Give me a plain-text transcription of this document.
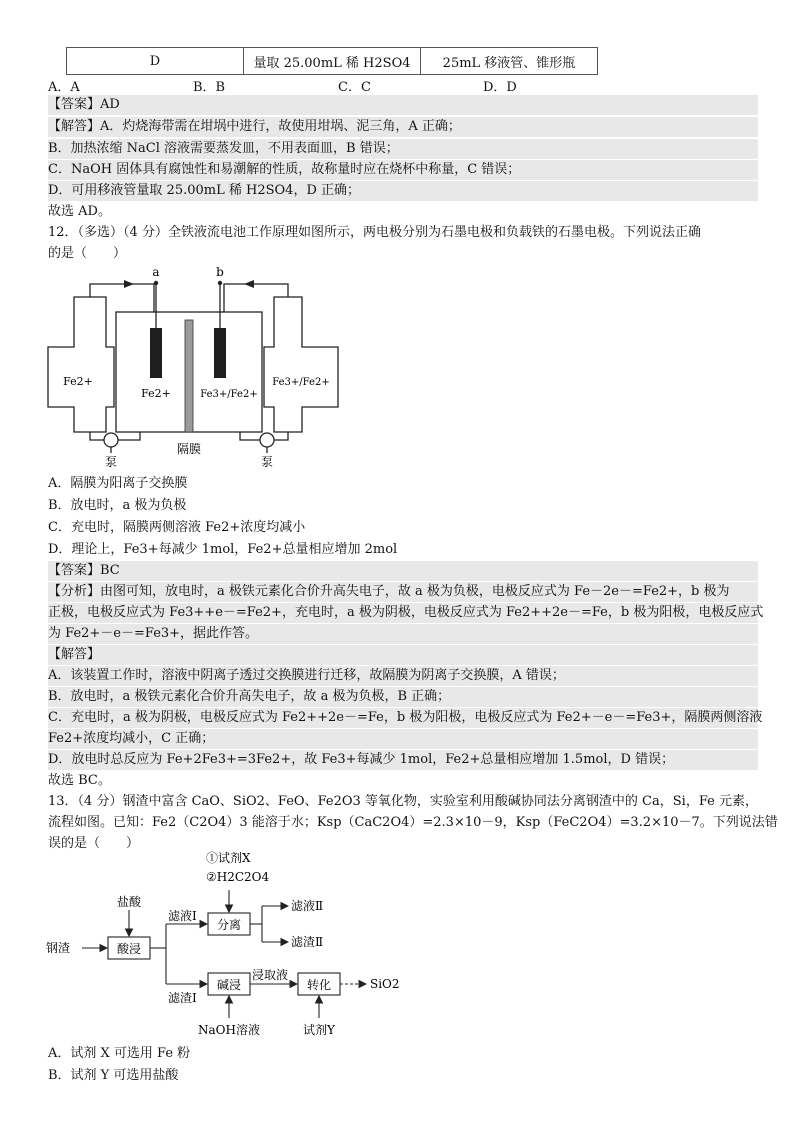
D	量取 25.00mL 稀 H2SO4	25mL 移液管、锥形瓶
A．A	B．B	C．C	D．D
【答案】AD
【解答】A．灼烧海带需在坩埚中进行，故使用坩埚、泥三角，A 正确；
B．加热浓缩 NaCl 溶液需要蒸发皿，不用表面皿，B 错误；
C．NaOH 固体具有腐蚀性和易潮解的性质，故称量时应在烧杯中称量，C 错误；
D．可用移液管量取 25.00mL 稀 H2SO4，D 正确；
故选 AD。
12．（多选）（4 分）全铁液流电池工作原理如图所示，两电极分别为石墨电极和负载铁的石墨电极。下列说法正确
的是（　　）
a	b
Fe2+
Fe2+	Fe3+/Fe2+
Fe3+/Fe2+
隔膜
泵	泵
A．隔膜为阳离子交换膜
B．放电时，a 极为负极
C．充电时，隔膜两侧溶液 Fe2+浓度均减小
D．理论上，Fe3+每减少 1mol，Fe2+总量相应增加 2mol
【答案】BC
【分析】由图可知，放电时，a 极铁元素化合价升高失电子，故 a 极为负极，电极反应式为 Fe－2e－=Fe2+，b 极为
正极，电极反应式为 Fe3++e－=Fe2+，充电时，a 极为阴极，电极反应式为 Fe2++2e－=Fe，b 极为阳极，电极反应式
为 Fe2+－e－=Fe3+，据此作答。
【解答】
A．该装置工作时，溶液中阴离子透过交换膜进行迁移，故隔膜为阴离子交换膜，A 错误；
B．放电时，a 极铁元素化合价升高失电子，故 a 极为负极，B 正确；
C．充电时，a 极为阴极，电极反应式为 Fe2++2e－=Fe，b 极为阳极，电极反应式为 Fe2+－e－=Fe3+，隔膜两侧溶液
Fe2+浓度均减小，C 正确；
D．放电时总反应为 Fe+2Fe3+=3Fe2+，故 Fe3+每减少 1mol，Fe2+总量相应增加 1.5mol，D 错误；
故选 BC。
13．（4 分）钢渣中富含 CaO、SiO2、FeO、Fe2O3 等氧化物，实验室利用酸碱协同法分离钢渣中的 Ca，Si，Fe 元素，
流程如图。已知：Fe2（C2O4）3 能溶于水；Ksp（CaC2O4）=2.3×10－9，Ksp（FeC2O4）=3.2×10－7。下列说法错
误的是（　　）
①试剂X
②H2C2O4
盐酸
钢渣	酸浸
滤液Ⅰ
滤渣Ⅰ
分离
滤液Ⅱ
滤渣Ⅱ
碱浸
浸取液
转化	SiO2
NaOH溶液	试剂Y
A．试剂 X 可选用 Fe 粉
B．试剂 Y 可选用盐酸
